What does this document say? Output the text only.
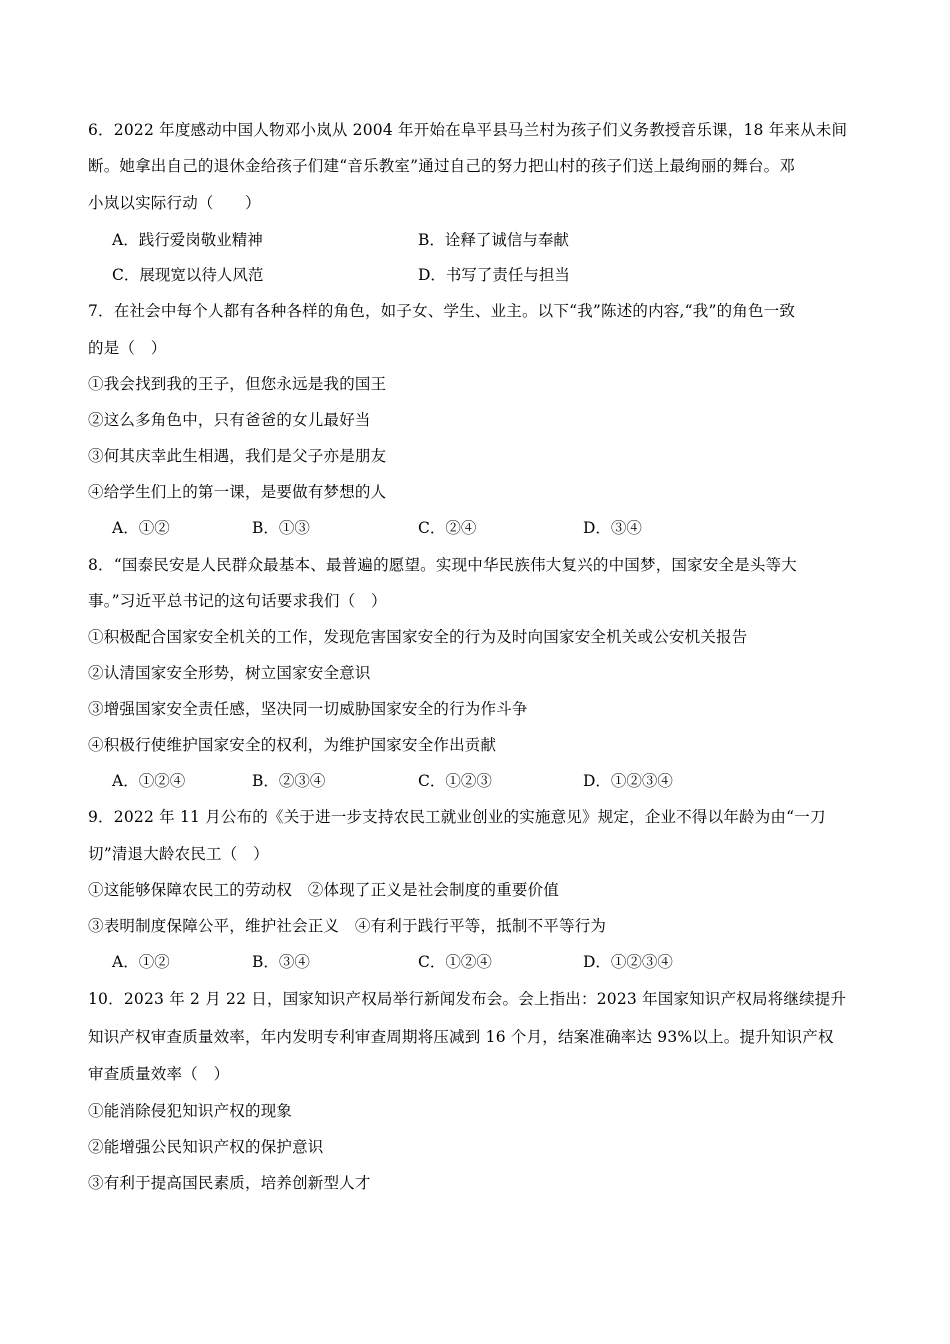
6．2022 年度感动中国人物邓小岚从 2004 年开始在阜平县马兰村为孩子们义务教授音乐课，18 年来从未间
断。她拿出自己的退休金给孩子们建“音乐教室”通过自己的努力把山村的孩子们送上最绚丽的舞台。邓
小岚以实际行动（　　）
A．践行爱岗敬业精神	B．诠释了诚信与奉献
C．展现宽以待人风范	D．书写了责任与担当
7．在社会中每个人都有各种各样的角色，如子女、学生、业主。以下“我”陈述的内容,“我”的角色一致
的是（　）
①我会找到我的王子，但您永远是我的国王
②这么多角色中，只有爸爸的女儿最好当
③何其庆幸此生相遇，我们是父子亦是朋友
④给学生们上的第一课，是要做有梦想的人
A．①②	B．①③	C．②④	D．③④
8．“国泰民安是人民群众最基本、最普遍的愿望。实现中华民族伟大复兴的中国梦，国家安全是头等大
事。”习近平总书记的这句话要求我们（　）
①积极配合国家安全机关的工作，发现危害国家安全的行为及时向国家安全机关或公安机关报告
②认清国家安全形势，树立国家安全意识
③增强国家安全责任感，坚决同一切威胁国家安全的行为作斗争
④积极行使维护国家安全的权利，为维护国家安全作出贡献
A．①②④	B．②③④	C．①②③	D．①②③④
9．2022 年 11 月公布的《关于进一步支持农民工就业创业的实施意见》规定，企业不得以年龄为由“一刀
切”清退大龄农民工（　）
①这能够保障农民工的劳动权　②体现了正义是社会制度的重要价值
③表明制度保障公平，维护社会正义　④有利于践行平等，抵制不平等行为
A．①②	B．③④	C．①②④	D．①②③④
10．2023 年 2 月 22 日，国家知识产权局举行新闻发布会。会上指出：2023 年国家知识产权局将继续提升
知识产权审查质量效率，年内发明专利审查周期将压减到 16 个月，结案准确率达 93%以上。提升知识产权
审查质量效率（　）
①能消除侵犯知识产权的现象
②能增强公民知识产权的保护意识
③有利于提高国民素质，培养创新型人才
